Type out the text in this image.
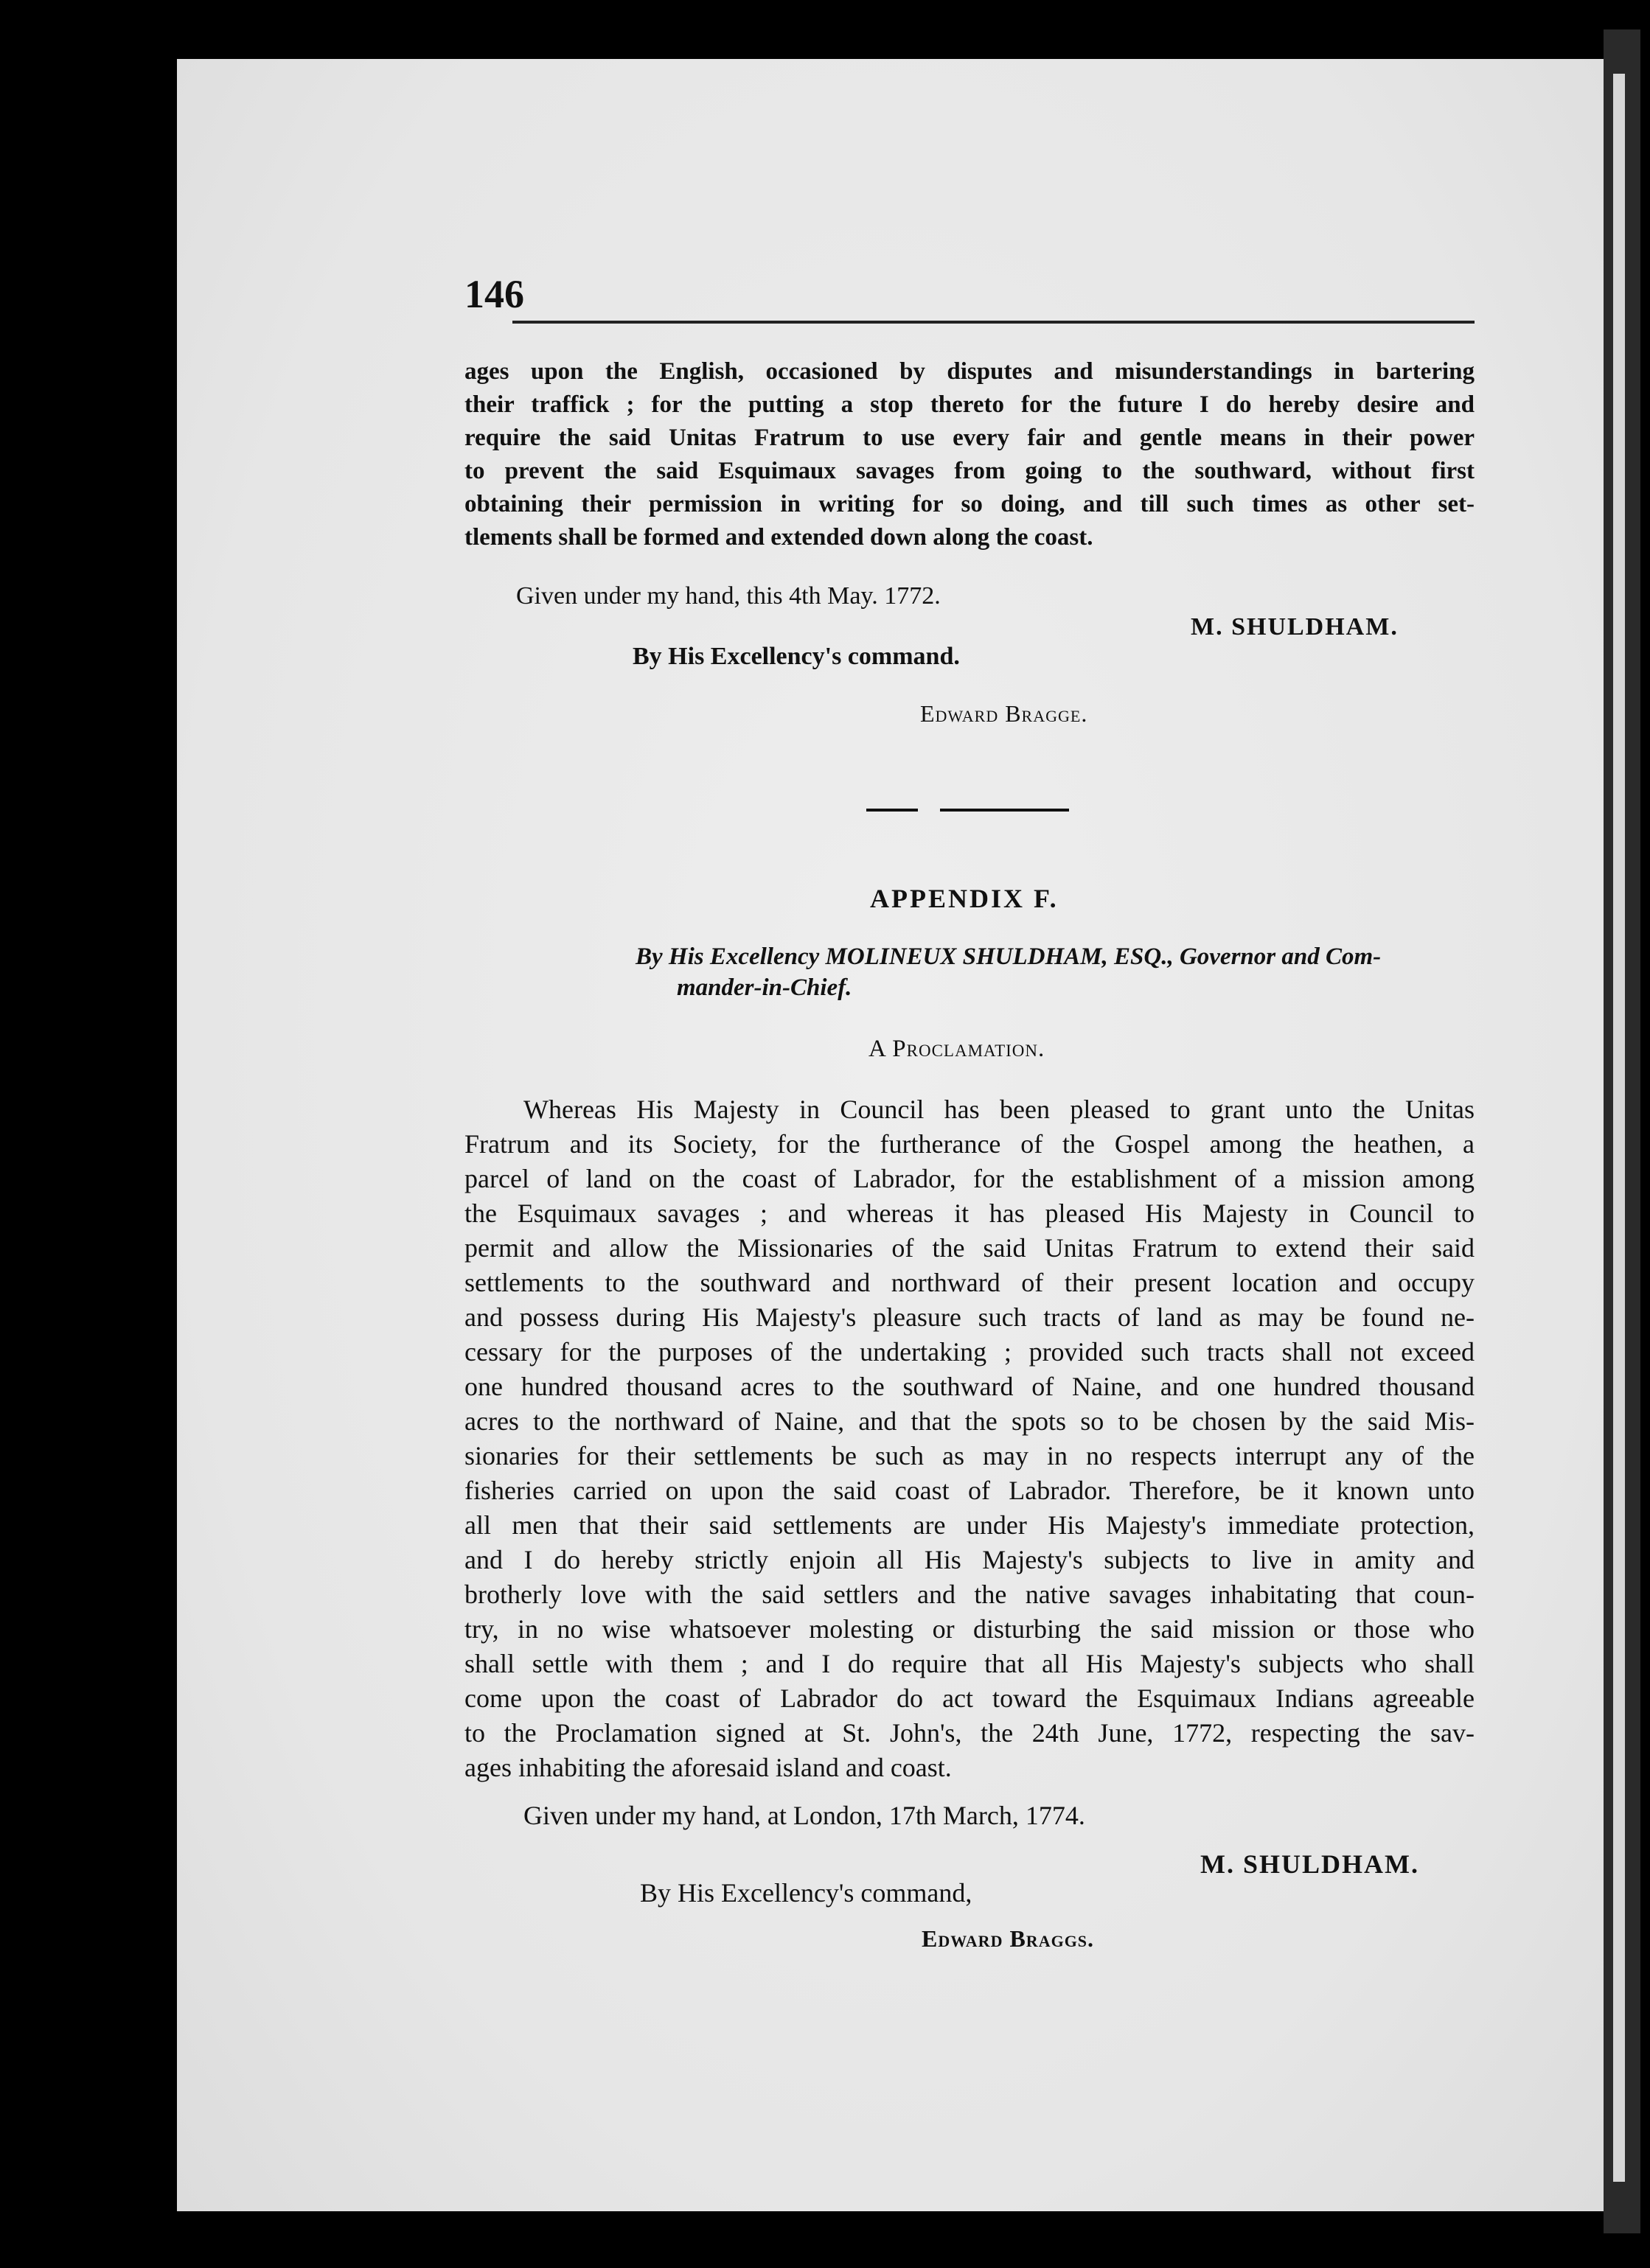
146
ages upon the English, occasioned by disputes and misunderstandings in bartering
their traffick ; for the putting a stop thereto for the future I do hereby desire and
require the said Unitas Fratrum to use every fair and gentle means in their power
to prevent the said Esquimaux savages from going to the southward, without first
obtaining their permission in writing for so doing, and till such times as other set-
tlements shall be formed and extended down along the coast.
Given under my hand, this 4th May. 1772.
M. SHULDHAM.
By His Excellency's command.
Edward Bragge.
APPENDIX F.
By His Excellency MOLINEUX SHULDHAM, ESQ., Governor and Com-
mander-in-Chief.
A Proclamation.
Whereas His Majesty in Council has been pleased to grant unto the Unitas
Fratrum and its Society, for the furtherance of the Gospel among the heathen, a
parcel of land on the coast of Labrador, for the establishment of a mission among
the Esquimaux savages ; and whereas it has pleased His Majesty in Council to
permit and allow the Missionaries of the said Unitas Fratrum to extend their said
settlements to the southward and northward of their present location and occupy
and possess during His Majesty's pleasure such tracts of land as may be found ne-
cessary for the purposes of the undertaking ; provided such tracts shall not exceed
one hundred thousand acres to the southward of Naine, and one hundred thousand
acres to the northward of Naine, and that the spots so to be chosen by the said Mis-
sionaries for their settlements be such as may in no respects interrupt any of the
fisheries carried on upon the said coast of Labrador. Therefore, be it known unto
all men that their said settlements are under His Majesty's immediate protection,
and I do hereby strictly enjoin all His Majesty's subjects to live in amity and
brotherly love with the said settlers and the native savages inhabitating that coun-
try, in no wise whatsoever molesting or disturbing the said mission or those who
shall settle with them ; and I do require that all His Majesty's subjects who shall
come upon the coast of Labrador do act toward the Esquimaux Indians agreeable
to the Proclamation signed at St. John's, the 24th June, 1772, respecting the sav-
ages inhabiting the aforesaid island and coast.
Given under my hand, at London, 17th March, 1774.
M. SHULDHAM.
By His Excellency's command,
Edward Braggs.
